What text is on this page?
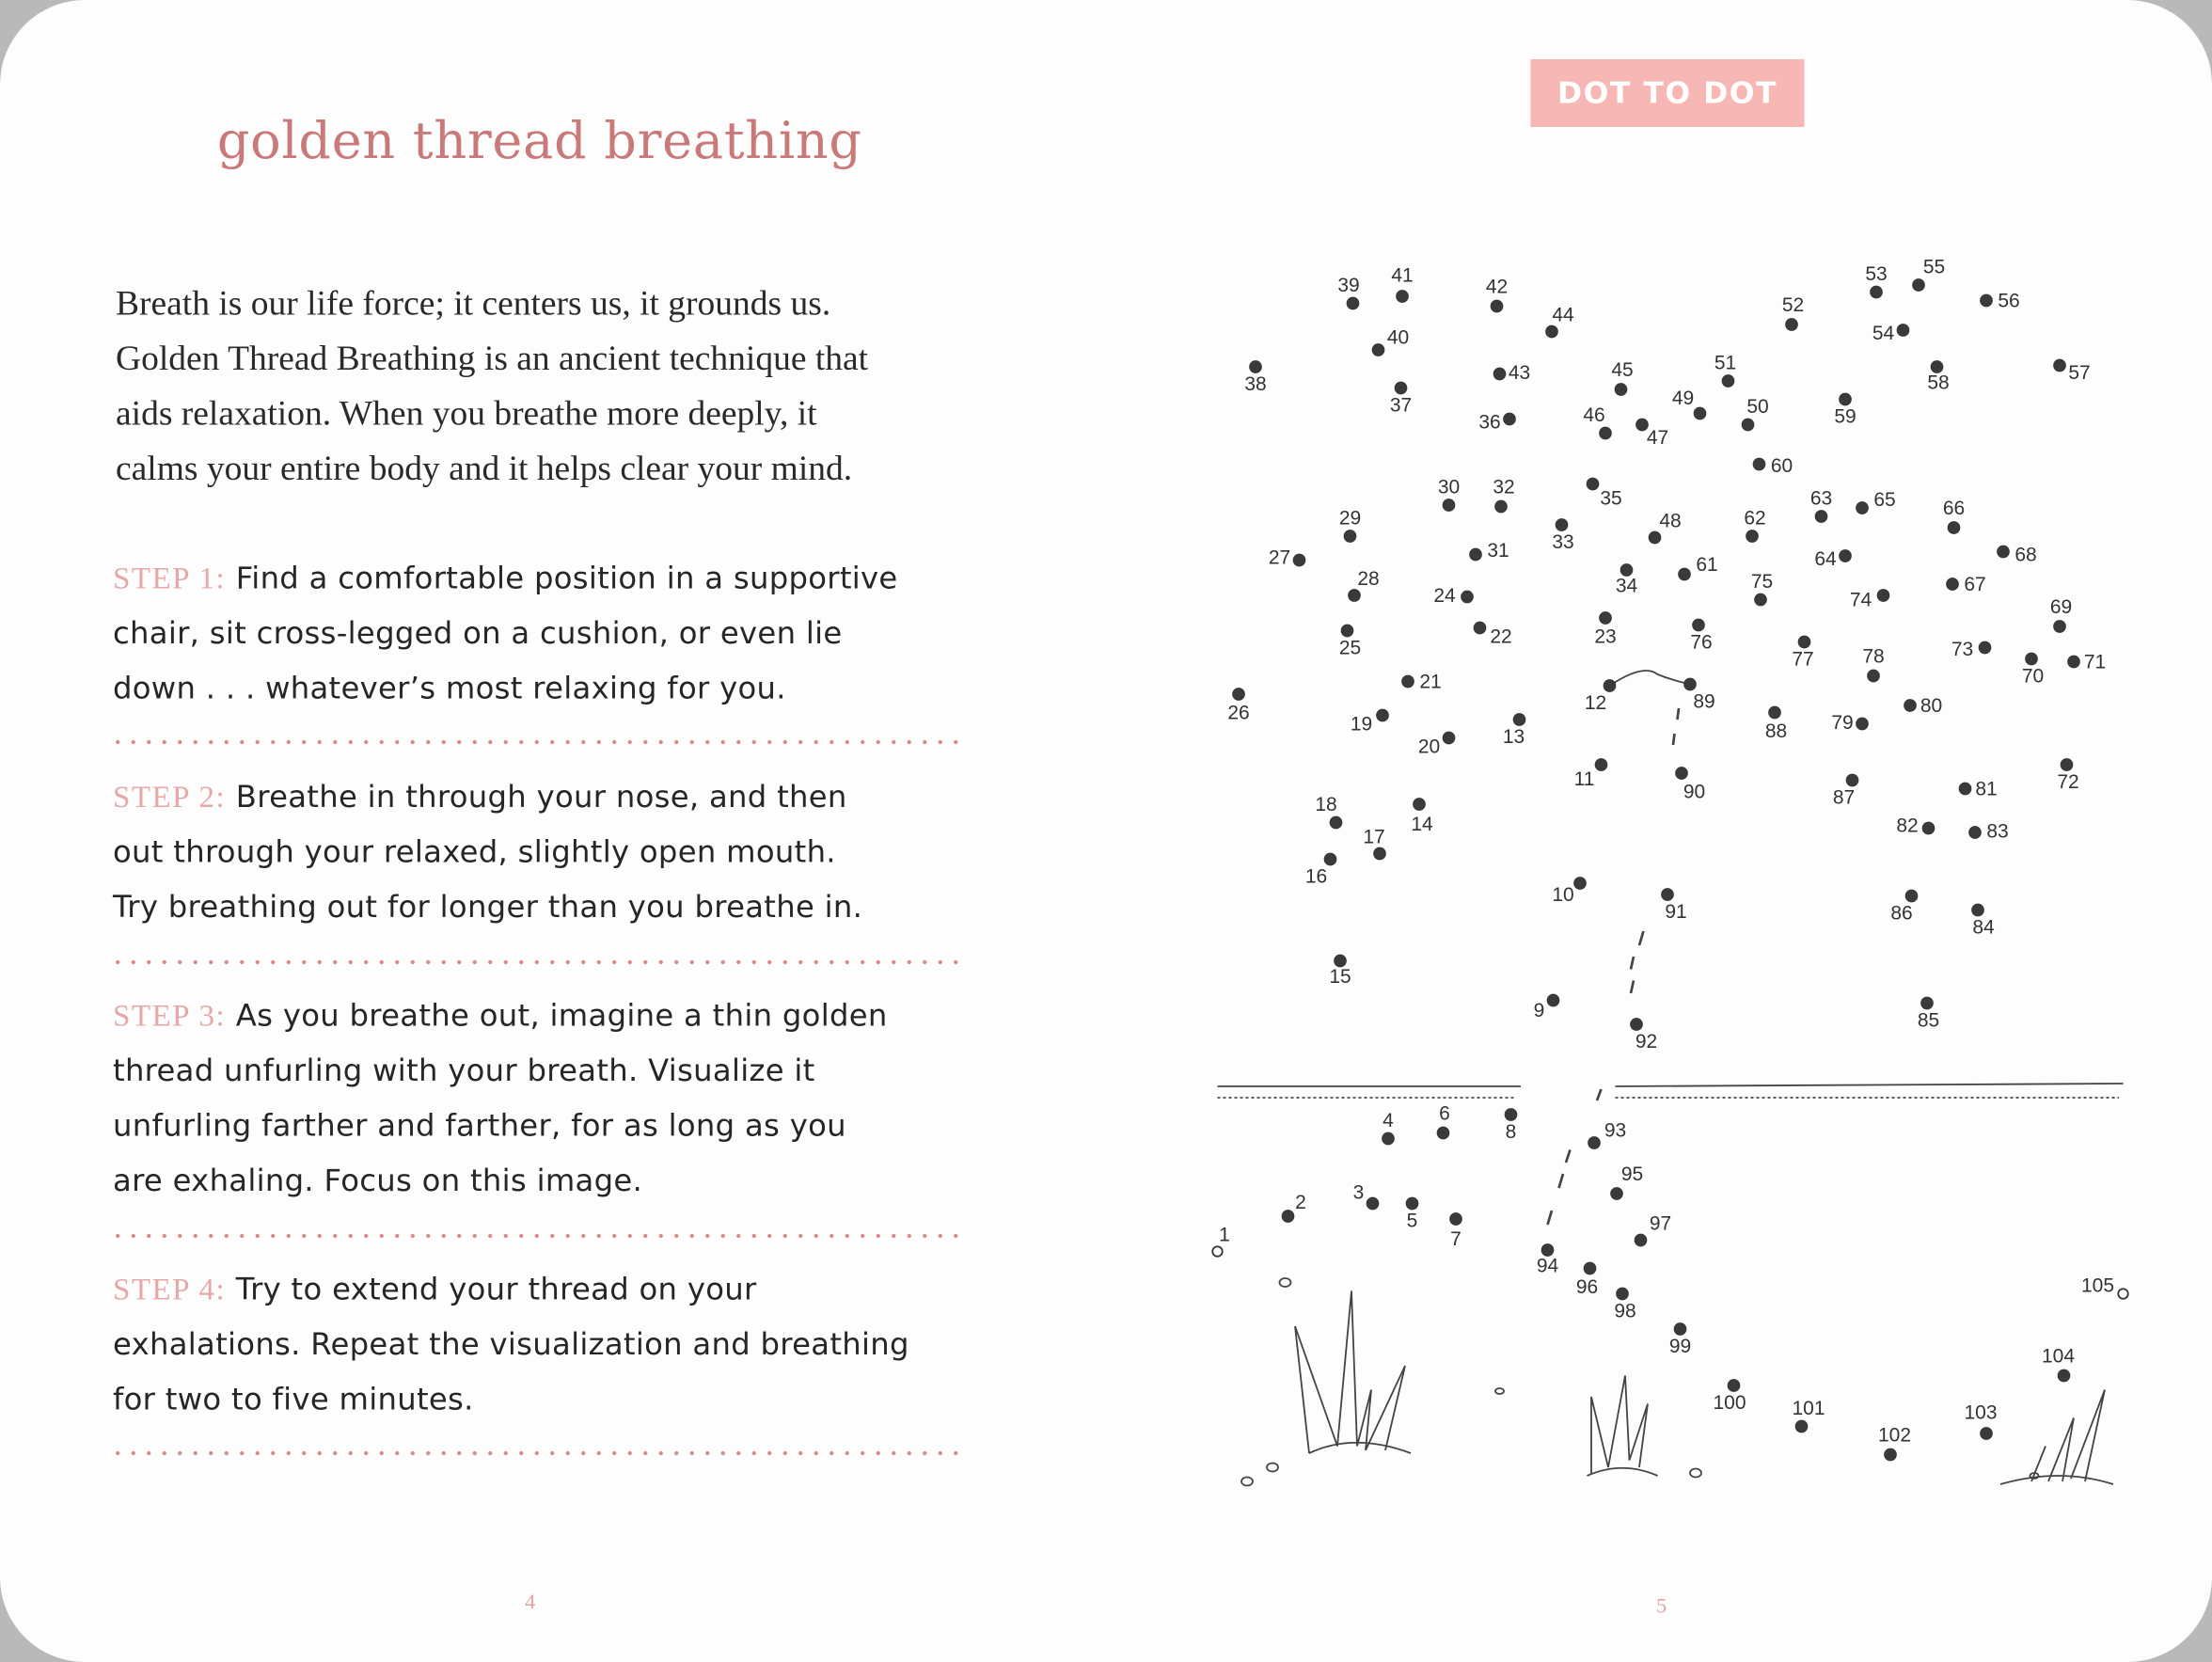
golden thread breathing
Breath is our life force; it centers us, it grounds us.
Golden Thread Breathing is an ancient technique that
aids relaxation. When you breathe more deeply, it
calms your entire body and it helps clear your mind.
STEP 1: Find a comfortable position in a supportive
chair, sit cross-legged on a cushion, or even lie
down . . . whatever’s most relaxing for you.
STEP 2: Breathe in through your nose, and then
out through your relaxed, slightly open mouth.
Try breathing out for longer than you breathe in.
STEP 3: As you breathe out, imagine a thin golden
thread unfurling with your breath. Visualize it
unfurling farther and farther, for as long as you
are exhaling. Focus on this image.
STEP 4: Try to extend your thread on your
exhalations. Repeat the visualization and breathing
for two to five minutes.
4	5
DOT TO DOT
1
2	3
4
5
6
7
8
9
10
11
12
13
14
15
16
17
18
19
20
21
22	23
24
25
26
27
28
29
30
31
32
33
34
35
36
37
38
39
40
41
42
43
44
45
46
47
48
49	50
51
52
53
54
55
56
57
58
59
60
61
62
63
64
65	66
67
68
69
70
71
72
73
74
75
76
77	78
79
80
81
82	83
84
85
86
87
88
89
90
91
92
93
94
95
96
97
98
99
100	101
102
103
104
105
